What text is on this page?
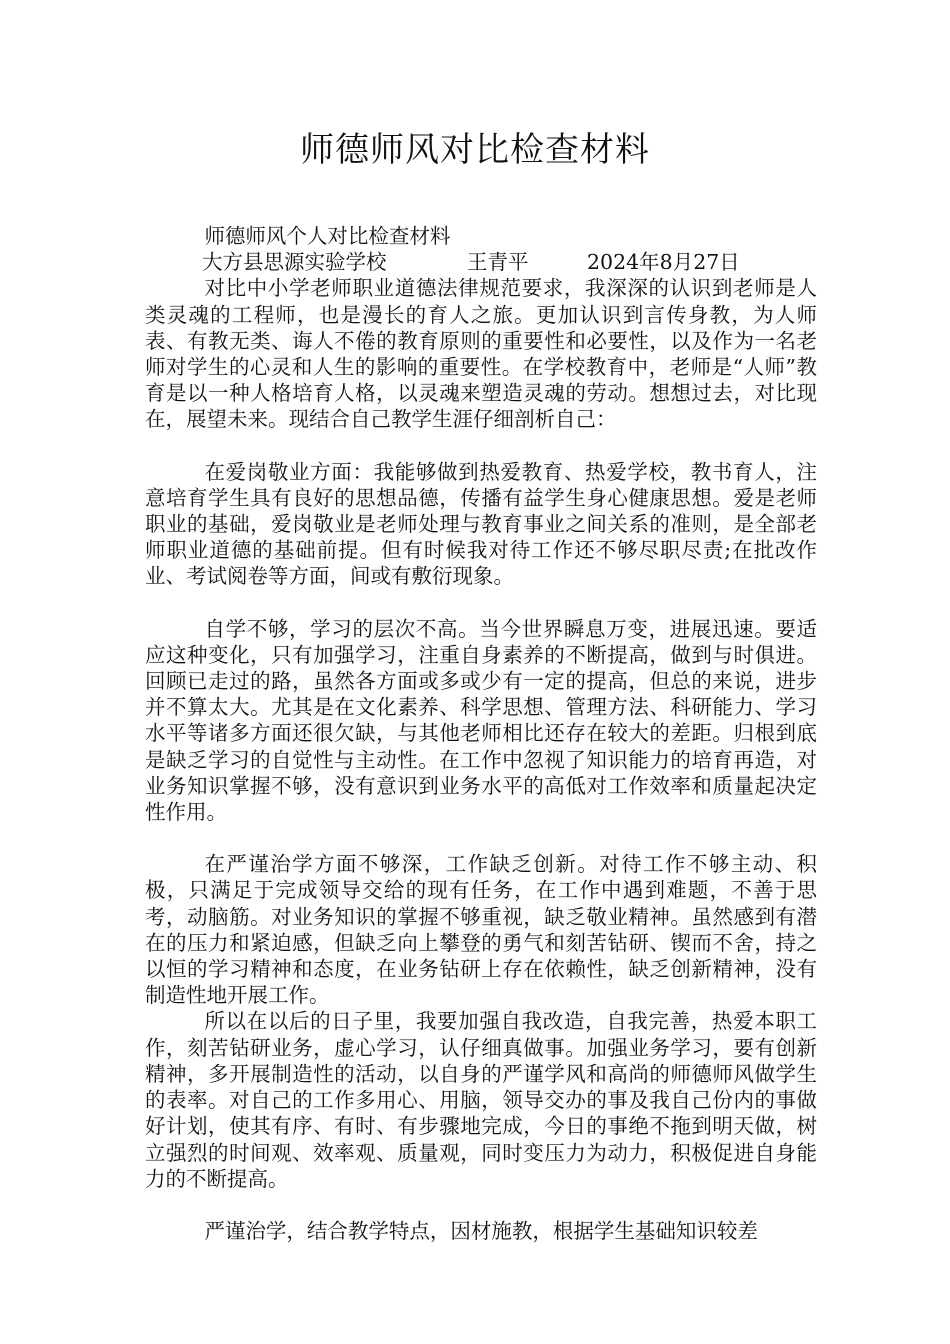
师德师风对比检查材料

师德师风个人对比检查材料

大方县思源实验学校	王青平	2024年8月27日

对比中小学老师职业道德法律规范要求，我深深的认识到老师是人类灵魂的工程师，也是漫长的育人之旅。更加认识到言传身教，为人师表、有教无类、诲人不倦的教育原则的重要性和必要性，以及作为一名老师对学生的心灵和人生的影响的重要性。在学校教育中，老师是“人师”教育是以一种人格培育人格，以灵魂来塑造灵魂的劳动。想想过去，对比现在，展望未来。现结合自己教学生涯仔细剖析自己：

在爱岗敬业方面：我能够做到热爱教育、热爱学校，教书育人，注意培育学生具有良好的思想品德，传播有益学生身心健康思想。爱是老师职业的基础，爱岗敬业是老师处理与教育事业之间关系的准则，是全部老师职业道德的基础前提。但有时候我对待工作还不够尽职尽责;在批改作业、考试阅卷等方面，间或有敷衍现象。

自学不够，学习的层次不高。当今世界瞬息万变，进展迅速。要适应这种变化，只有加强学习，注重自身素养的不断提高，做到与时俱进。回顾已走过的路，虽然各方面或多或少有一定的提高，但总的来说，进步并不算太大。尤其是在文化素养、科学思想、管理方法、科研能力、学习水平等诸多方面还很欠缺，与其他老师相比还存在较大的差距。归根到底是缺乏学习的自觉性与主动性。在工作中忽视了知识能力的培育再造，对业务知识掌握不够，没有意识到业务水平的高低对工作效率和质量起决定性作用。

在严谨治学方面不够深，工作缺乏创新。对待工作不够主动、积极，只满足于完成领导交给的现有任务，在工作中遇到难题，不善于思考，动脑筋。对业务知识的掌握不够重视，缺乏敬业精神。虽然感到有潜在的压力和紧迫感，但缺乏向上攀登的勇气和刻苦钻研、锲而不舍，持之以恒的学习精神和态度，在业务钻研上存在依赖性，缺乏创新精神，没有制造性地开展工作。

所以在以后的日子里，我要加强自我改造，自我完善，热爱本职工作，刻苦钻研业务，虚心学习，认仔细真做事。加强业务学习，要有创新精神，多开展制造性的活动，以自身的严谨学风和高尚的师德师风做学生的表率。对自己的工作多用心、用脑，领导交办的事及我自己份内的事做好计划，使其有序、有时、有步骤地完成，今日的事绝不拖到明天做，树立强烈的时间观、效率观、质量观，同时变压力为动力，积极促进自身能力的不断提高。

严谨治学，结合教学特点，因材施教，根据学生基础知识较差
